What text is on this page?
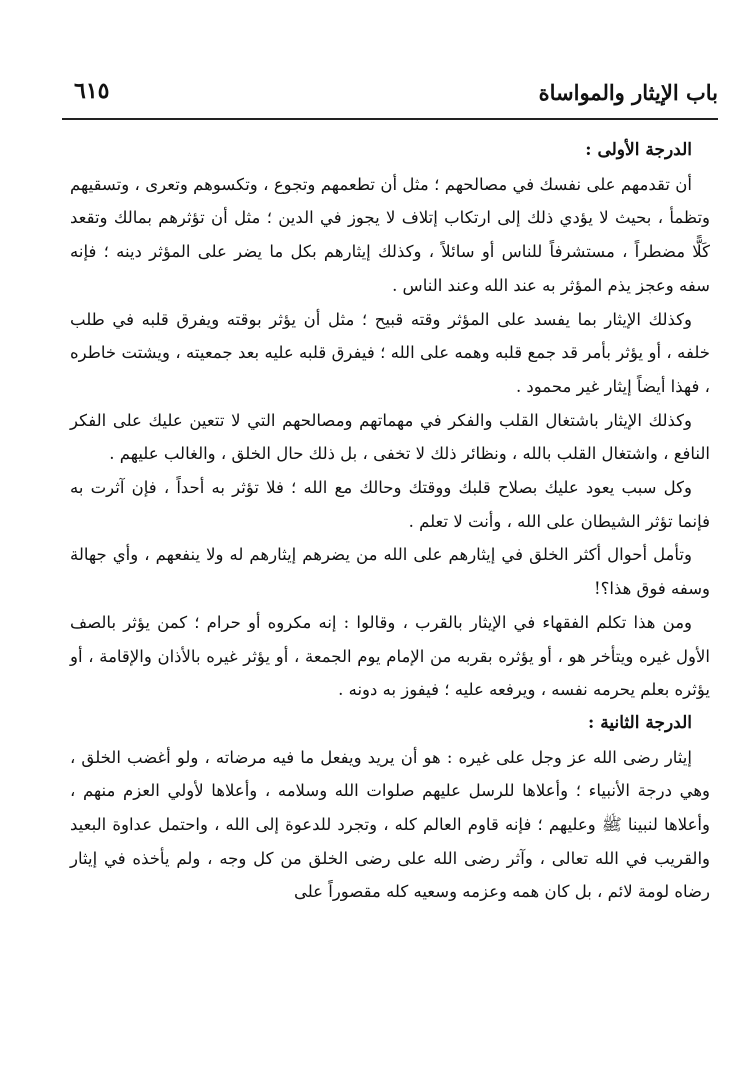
باب الإيثار والمواساة
٦١٥
الدرجة الأولى :

أن تقدمهم على نفسك في مصالحهم ؛ مثل أن تطعمهم وتجوع ، وتكسوهم وتعرى ، وتسقيهم وتظمأ ، بحيث لا يؤدي ذلك إلى ارتكاب إتلاف لا يجوز في الدين ؛ مثل أن تؤثرهم بمالك وتقعد كَلًّا مضطراً ، مستشرفاً للناس أو سائلاً ، وكذلك إيثارهم بكل ما يضر على المؤثر دينه ؛ فإنه سفه وعجز يذم المؤثر به عند الله وعند الناس .

وكذلك الإيثار بما يفسد على المؤثر وقته قبيح ؛ مثل أن يؤثر بوقته ويفرق قلبه في طلب خلفه ، أو يؤثر بأمر قد جمع قلبه وهمه على الله ؛ فيفرق قلبه عليه بعد جمعيته ، ويشتت خاطره ، فهذا أيضاً إيثار غير محمود .

وكذلك الإيثار باشتغال القلب والفكر في مهماتهم ومصالحهم التي لا تتعين عليك على الفكر النافع ، واشتغال القلب بالله ، ونظائر ذلك لا تخفى ، بل ذلك حال الخلق ، والغالب عليهم .

وكل سبب يعود عليك بصلاح قلبك ووقتك وحالك مع الله ؛ فلا تؤثر به أحداً ، فإن آثرت به فإنما تؤثر الشيطان على الله ، وأنت لا تعلم .

وتأمل أحوال أكثر الخلق في إيثارهم على الله من يضرهم إيثارهم له ولا ينفعهم ، وأي جهالة وسفه فوق هذا؟!

ومن هذا تكلم الفقهاء في الإيثار بالقرب ، وقالوا : إنه مكروه أو حرام ؛ كمن يؤثر بالصف الأول غيره ويتأخر هو ، أو يؤثره بقربه من الإمام يوم الجمعة ، أو يؤثر غيره بالأذان والإقامة ، أو يؤثره بعلم يحرمه نفسه ، ويرفعه عليه ؛ فيفوز به دونه .

الدرجة الثانية :

إيثار رضى الله عز وجل على غيره : هو أن يريد ويفعل ما فيه مرضاته ، ولو أغضب الخلق ، وهي درجة الأنبياء ؛ وأعلاها للرسل عليهم صلوات الله وسلامه ، وأعلاها لأولي العزم منهم ، وأعلاها لنبينا ﷺ وعليهم ؛ فإنه قاوم العالم كله ، وتجرد للدعوة إلى الله ، واحتمل عداوة البعيد والقريب في الله تعالى ، وآثر رضى الله على رضى الخلق من كل وجه ، ولم يأخذه في إيثار رضاه لومة لائم ، بل كان همه وعزمه وسعيه كله مقصوراً على
